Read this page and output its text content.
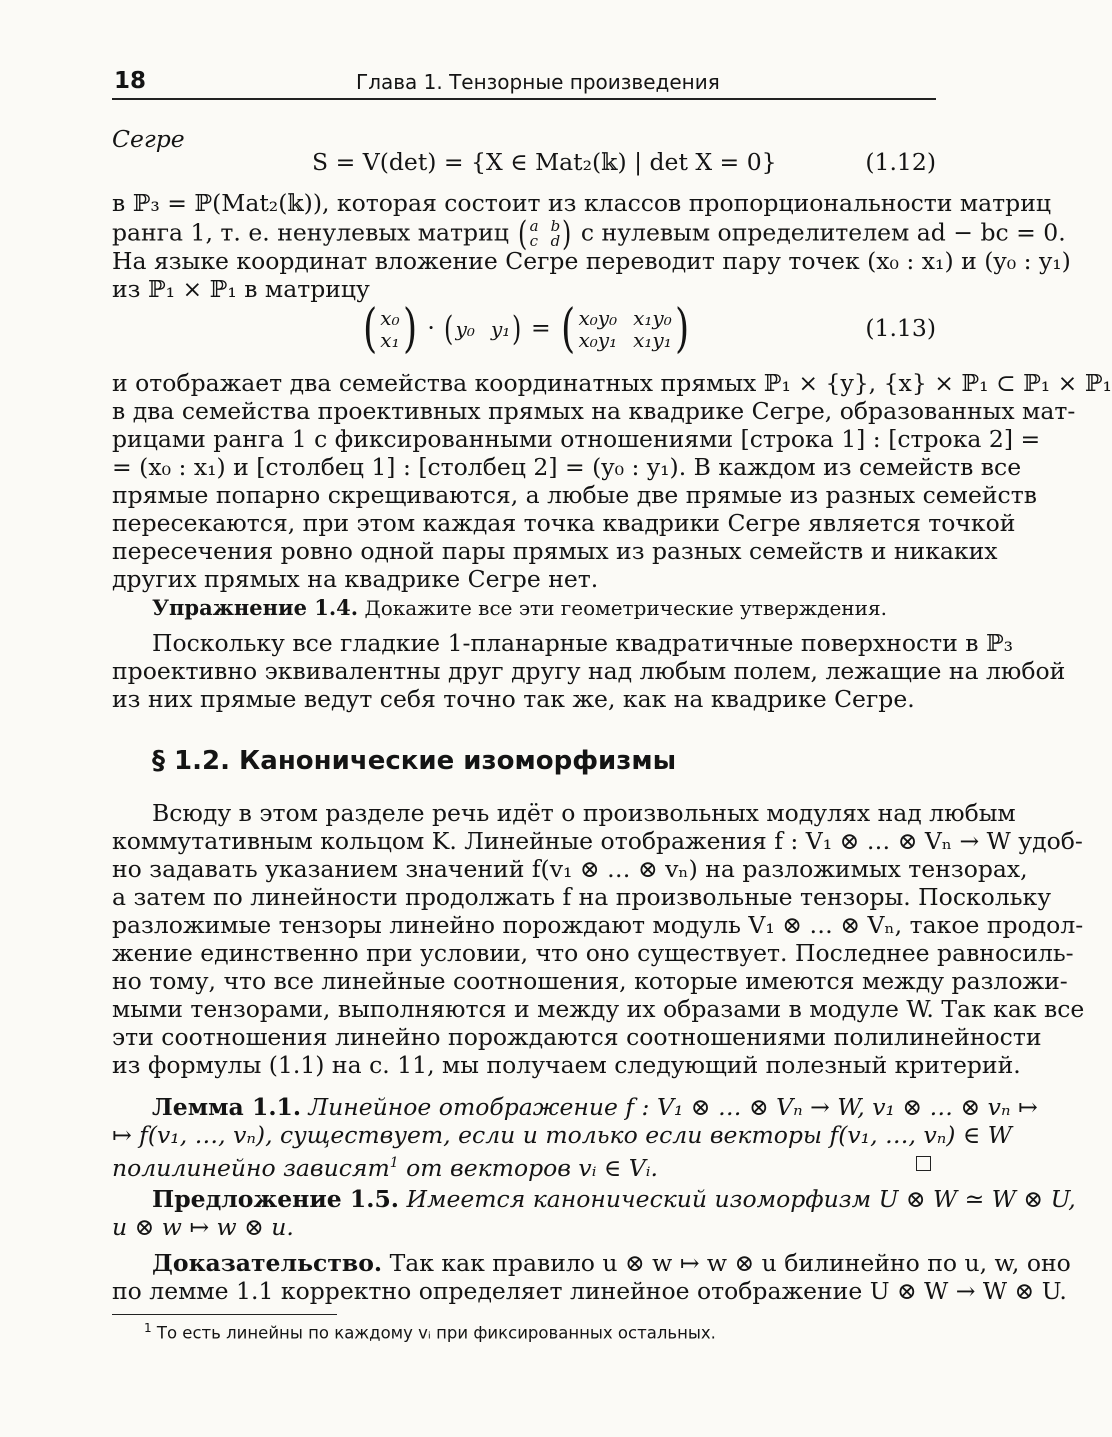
18	Глава 1. Тензорные произведения
Сегре
S = V(det) = {X ∈ Mat₂(𝕜) | det X = 0}	(1.12)
в ℙ₃ = ℙ(Mat₂(𝕜)), которая состоит из классов пропорциональности матриц
ранга 1, т. е. ненулевых матриц ( a b
c d ) с нулевым определителем ad − bc = 0.
На языке координат вложение Сегре переводит пару точек (x₀ : x₁) и (y₀ : y₁)
из ℙ₁ × ℙ₁ в матрицу
( x₀
x₁ ) · ( y₀ y₁ ) = ( x₀y₀ x₁y₀
x₀y₁ x₁y₁ )	(1.13)
и отображает два семейства координатных прямых ℙ₁ × {y}, {x} × ℙ₁ ⊂ ℙ₁ × ℙ₁
в два семейства проективных прямых на квадрике Сегре, образованных мат-
рицами ранга 1 с фиксированными отношениями [строка 1] : [строка 2] =
= (x₀ : x₁) и [столбец 1] : [столбец 2] = (y₀ : y₁). В каждом из семейств все
прямые попарно скрещиваются, а любые две прямые из разных семейств
пересекаются, при этом каждая точка квадрики Сегре является точкой
пересечения ровно одной пары прямых из разных семейств и никаких
других прямых на квадрике Сегре нет.
Упражнение 1.4. Докажите все эти геометрические утверждения.
Поскольку все гладкие 1-планарные квадратичные поверхности в ℙ₃
проективно эквивалентны друг другу над любым полем, лежащие на любой
из них прямые ведут себя точно так же, как на квадрике Сегре.
§ 1.2. Канонические изоморфизмы
Всюду в этом разделе речь идёт о произвольных модулях над любым
коммутативным кольцом K. Линейные отображения f : V₁ ⊗ … ⊗ Vₙ → W удоб-
но задавать указанием значений f(v₁ ⊗ … ⊗ vₙ) на разложимых тензорах,
а затем по линейности продолжать f на произвольные тензоры. Поскольку
разложимые тензоры линейно порождают модуль V₁ ⊗ … ⊗ Vₙ, такое продол-
жение единственно при условии, что оно существует. Последнее равносиль-
но тому, что все линейные соотношения, которые имеются между разложи-
мыми тензорами, выполняются и между их образами в модуле W. Так как все
эти соотношения линейно порождаются соотношениями полилинейности
из формулы (1.1) на с. 11, мы получаем следующий полезный критерий.
Лемма 1.1. Линейное отображение f : V₁ ⊗ … ⊗ Vₙ → W, v₁ ⊗ … ⊗ vₙ ↦
↦ f(v₁, …, vₙ), существует, если и только если векторы f(v₁, …, vₙ) ∈ W
полилинейно зависят$^1$ от векторов vᵢ ∈ Vᵢ.
Предложение 1.5. Имеется канонический изоморфизм U ⊗ W ≃ W ⊗ U,
u ⊗ w ↦ w ⊗ u.
Доказательство. Так как правило u ⊗ w ↦ w ⊗ u билинейно по u, w, оно
по лемме 1.1 корректно определяет линейное отображение U ⊗ W → W ⊗ U.
$^1$ То есть линейны по каждому vᵢ при фиксированных остальных.
